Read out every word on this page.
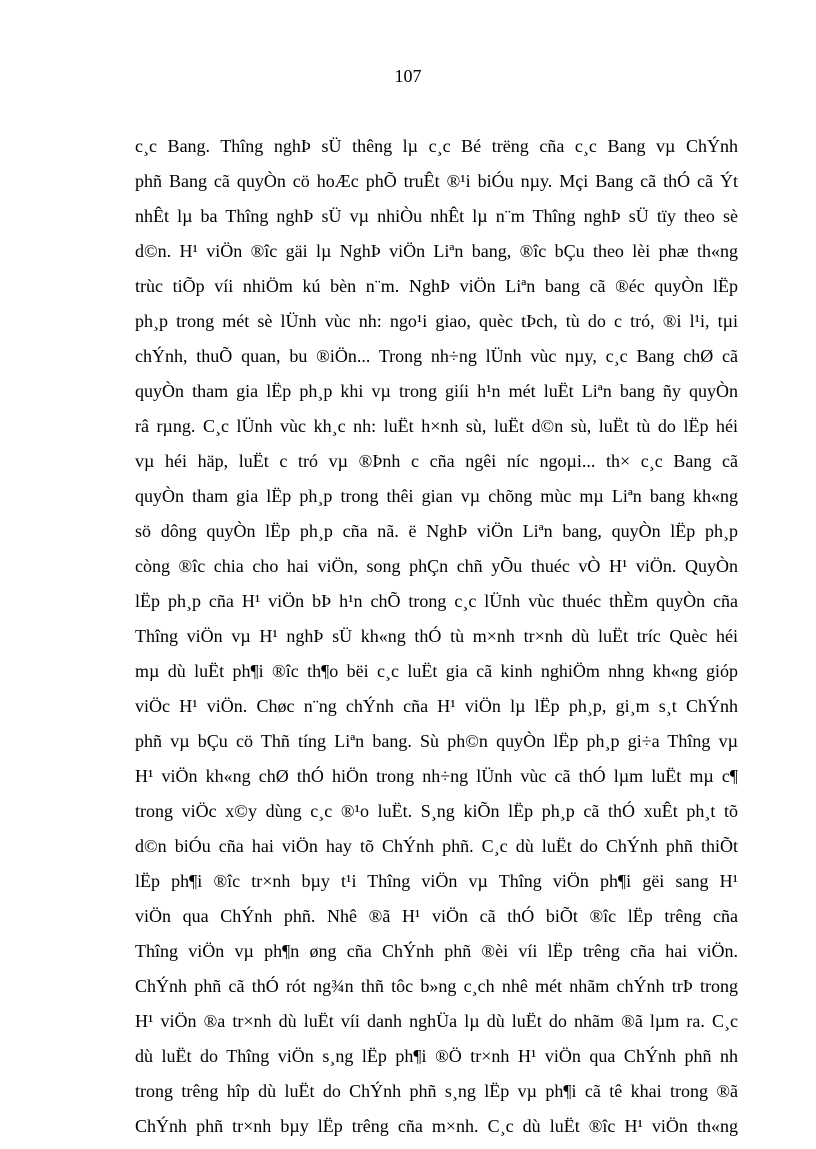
107
c¸c Bang. Thîng nghÞ sÜ thêng lµ c¸c Bé trëng cña c¸c Bang vµ ChÝnh
phñ Bang cã quyÒn cö hoÆc phÕ truÊt ®¹i biÓu nµy. Mçi Bang cã thÓ cã Ýt
nhÊt lµ ba Thîng nghÞ sÜ vµ nhiÒu nhÊt lµ n¨m Thîng nghÞ sÜ tïy theo sè
d©n. H¹ viÖn ®îc gäi lµ NghÞ viÖn Liªn bang, ®îc bÇu theo lèi phæ th«ng
trùc tiÕp víi nhiÖm kú bèn n¨m. NghÞ viÖn Liªn bang cã ®éc quyÒn lËp
ph¸p trong mét sè lÜnh vùc nh: ngo¹i giao, quèc tÞch, tù do c tró, ®i l¹i, tµi
chÝnh, thuÕ quan, bu ®iÖn... Trong nh÷ng lÜnh vùc nµy, c¸c Bang chØ cã
quyÒn tham gia lËp ph¸p khi vµ trong giíi h¹n mét luËt Liªn bang ñy quyÒn
râ rµng. C¸c lÜnh vùc kh¸c nh: luËt h×nh sù, luËt d©n sù, luËt tù do lËp héi
vµ héi häp, luËt c tró vµ ®Þnh c cña ngêi níc ngoµi... th× c¸c Bang cã
quyÒn tham gia lËp ph¸p trong thêi gian vµ chõng mùc mµ Liªn bang kh«ng
sö dông quyÒn lËp ph¸p cña nã. ë NghÞ viÖn Liªn bang, quyÒn lËp ph¸p
còng ®îc chia cho hai viÖn, song phÇn chñ yÕu thuéc vÒ H¹ viÖn. QuyÒn
lËp ph¸p cña H¹ viÖn bÞ h¹n chÕ trong c¸c lÜnh vùc thuéc thÈm quyÒn cña
Thîng viÖn vµ H¹ nghÞ sÜ kh«ng thÓ tù m×nh tr×nh dù luËt tríc Quèc héi
mµ dù luËt ph¶i ®îc th¶o bëi c¸c luËt gia cã kinh nghiÖm nhng kh«ng gióp
viÖc H¹ viÖn. Chøc n¨ng chÝnh cña H¹ viÖn lµ lËp ph¸p, gi¸m s¸t ChÝnh
phñ vµ bÇu cö Thñ tíng Liªn bang. Sù ph©n quyÒn lËp ph¸p gi÷a Thîng vµ
H¹ viÖn kh«ng chØ thÓ hiÖn trong nh÷ng lÜnh vùc cã thÓ lµm luËt mµ c¶
trong viÖc x©y dùng c¸c ®¹o luËt. S¸ng kiÕn lËp ph¸p cã thÓ xuÊt ph¸t tõ
d©n biÓu cña hai viÖn hay tõ ChÝnh phñ. C¸c dù luËt do ChÝnh phñ thiÕt
lËp ph¶i ®îc tr×nh bµy t¹i Thîng viÖn vµ Thîng viÖn ph¶i gëi sang H¹
viÖn qua ChÝnh phñ. Nhê ®ã H¹ viÖn cã thÓ biÕt ®îc lËp trêng cña
Thîng viÖn vµ ph¶n øng cña ChÝnh phñ ®èi víi lËp trêng cña hai viÖn.
ChÝnh phñ cã thÓ rót ng¾n thñ tôc b»ng c¸ch nhê mét nhãm chÝnh trÞ trong
H¹ viÖn ®a tr×nh dù luËt víi danh nghÜa lµ dù luËt do nhãm ®ã lµm ra. C¸c
dù luËt do Thîng viÖn s¸ng lËp ph¶i ®Ö tr×nh H¹ viÖn qua ChÝnh phñ nh
trong trêng hîp dù luËt do ChÝnh phñ s¸ng lËp vµ ph¶i cã tê khai trong ®ã
ChÝnh phñ tr×nh bµy lËp trêng cña m×nh. C¸c dù luËt ®îc H¹ viÖn th«ng
